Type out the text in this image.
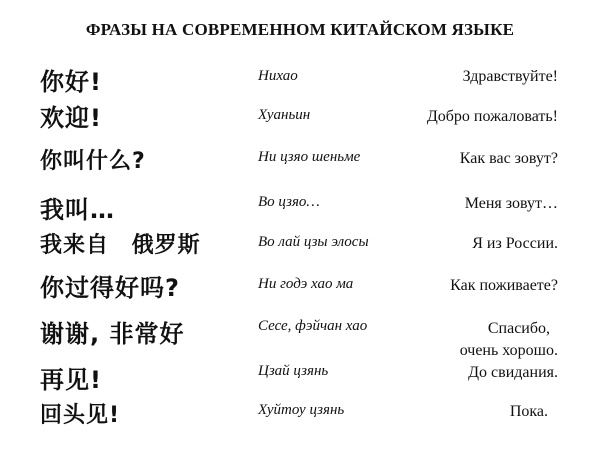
ФРАЗЫ НА СОВРЕМЕННОМ КИТАЙСКОМ ЯЗЫКЕ
你好!	Нихао	Здравствуйте!
欢迎!	Хуаньин	Добро пожаловать!
你叫什么?	Ни цзяо шеньме	Как вас зовут?
我叫…	Во цзяо…	Меня зовут…
我来自 俄罗斯	Во лай цзы элосы	Я из России.
你过得好吗?	Ни годэ хао ма	Как поживаете?
谢谢, 非常好	Сесе, фэйчан хао	Спасибо,
очень хорошо.
再见!	Цзай цзянь	До свидания.
回头见!	Хуйтоу цзянь	Пока.
